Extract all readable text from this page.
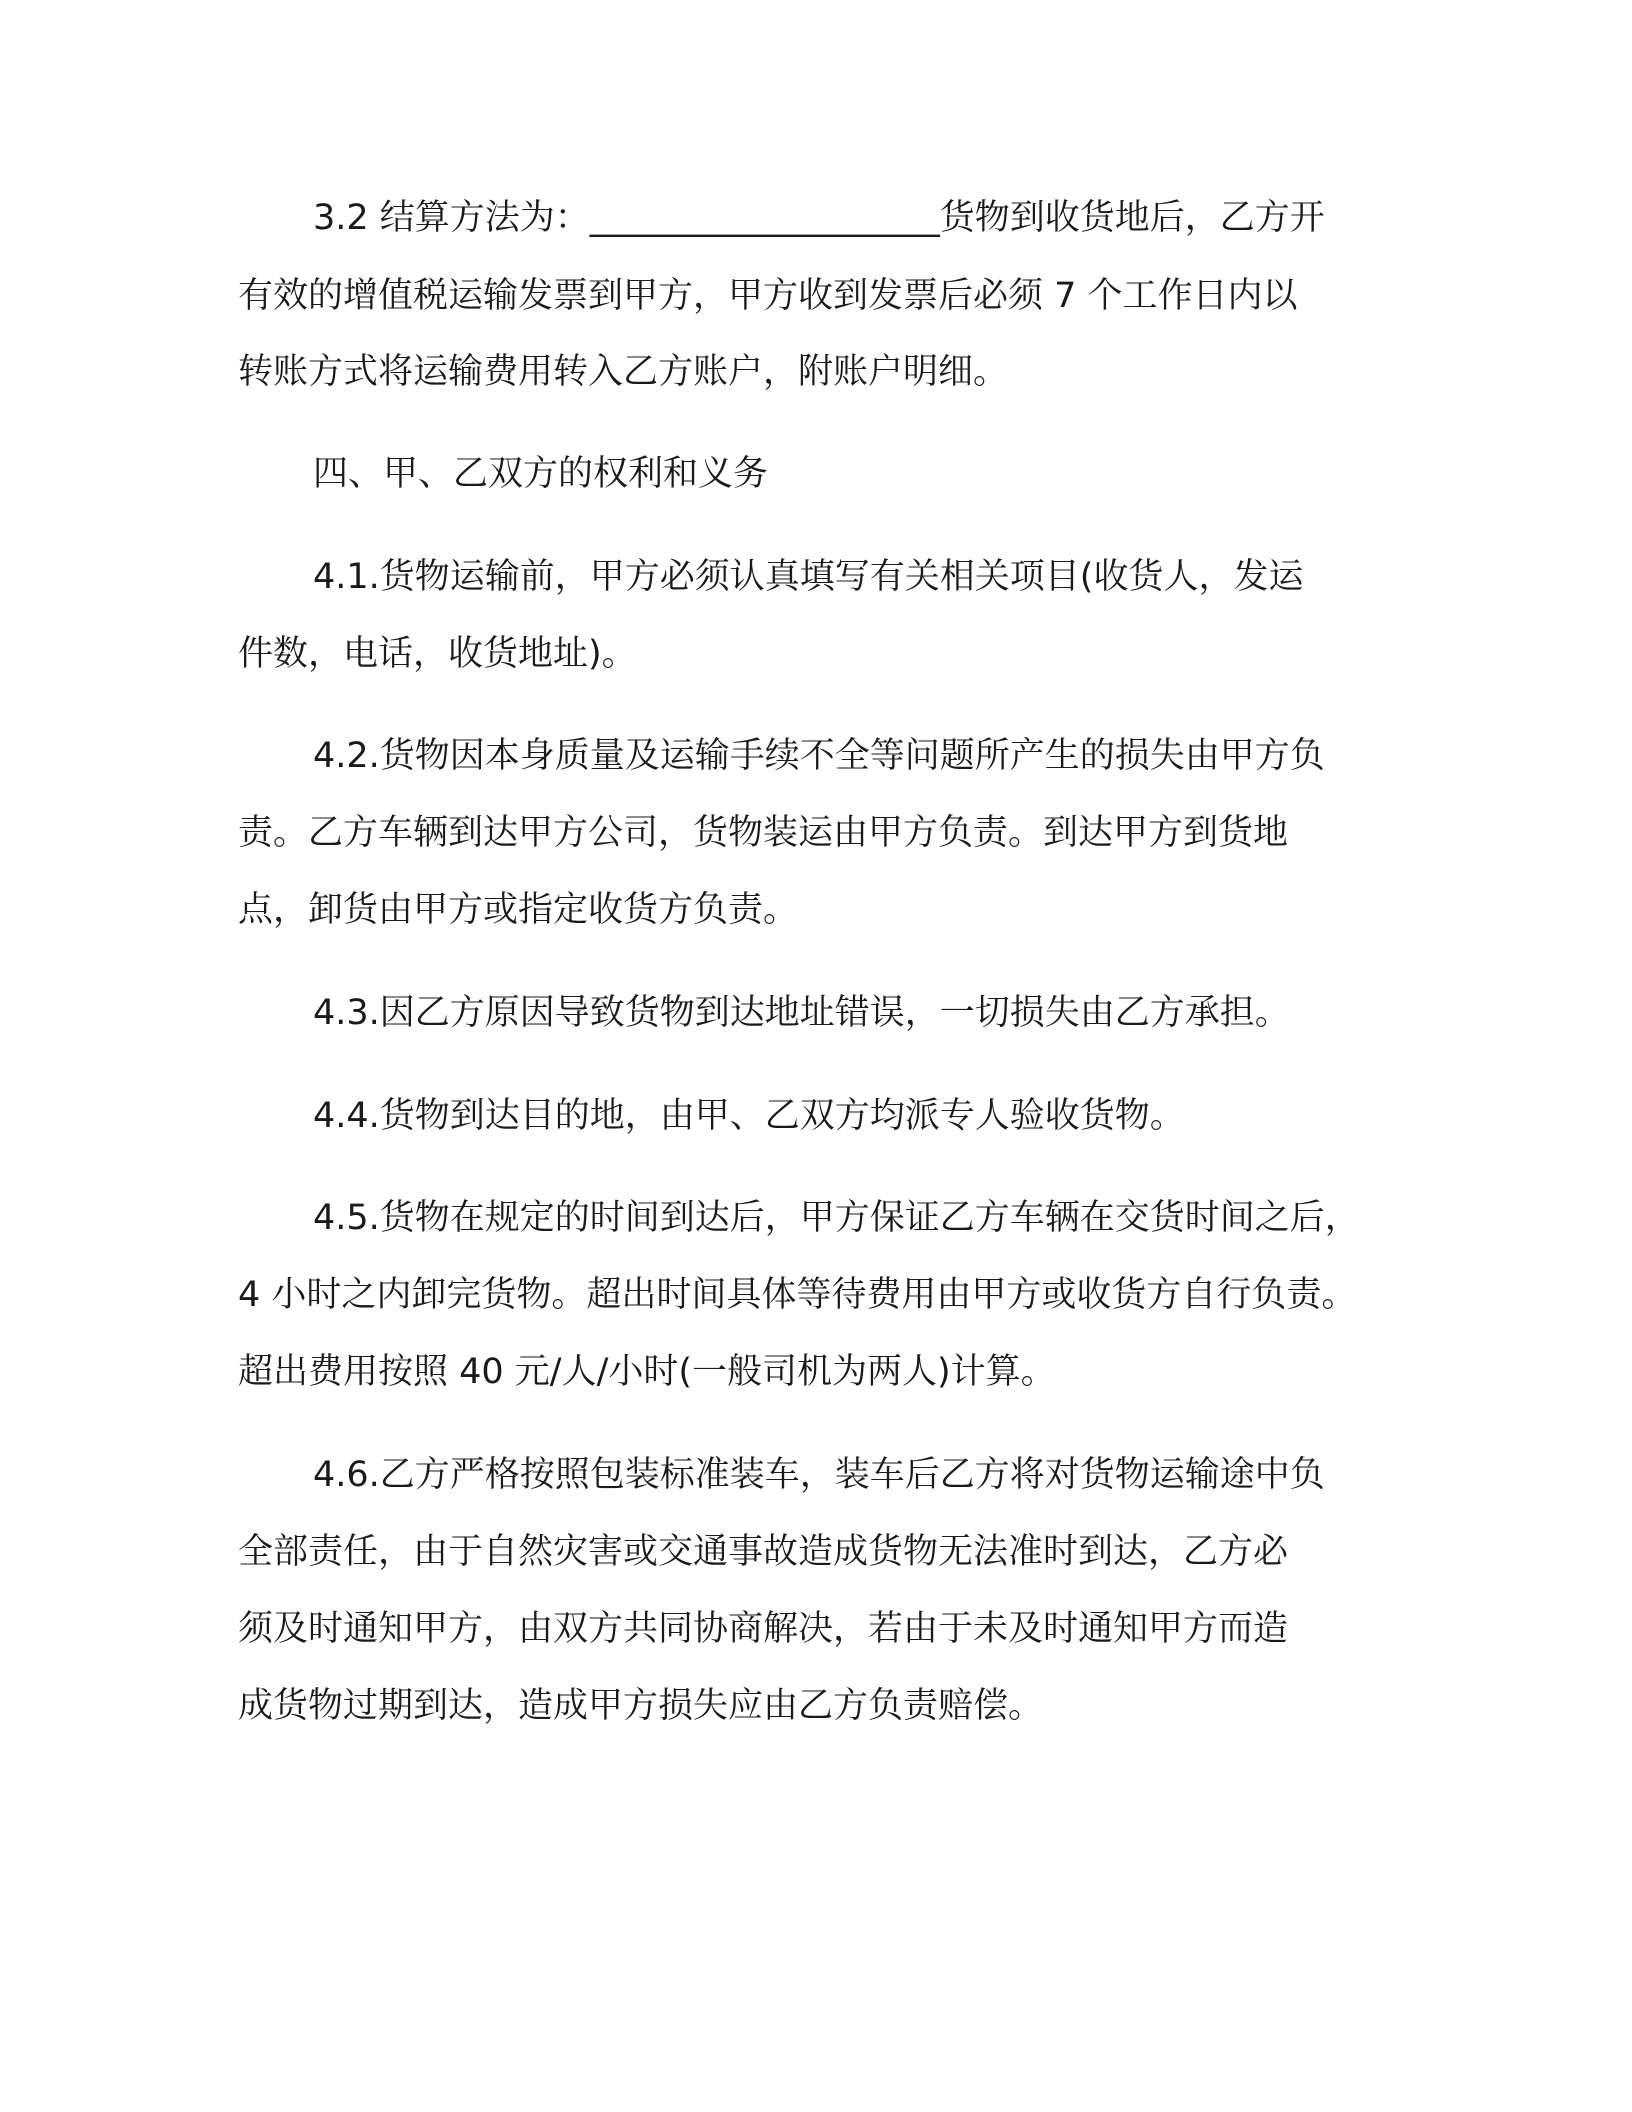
3.2 结算方法为：____________________货物到收货地后，乙方开
有效的增值税运输发票到甲方，甲方收到发票后必须 7 个工作日内以
转账方式将运输费用转入乙方账户，附账户明细。
四、甲、乙双方的权利和义务
4.1.货物运输前，甲方必须认真填写有关相关项目(收货人，发运
件数，电话，收货地址)。
4.2.货物因本身质量及运输手续不全等问题所产生的损失由甲方负
责。乙方车辆到达甲方公司，货物装运由甲方负责。到达甲方到货地
点，卸货由甲方或指定收货方负责。
4.3.因乙方原因导致货物到达地址错误，一切损失由乙方承担。
4.4.货物到达目的地，由甲、乙双方均派专人验收货物。
4.5.货物在规定的时间到达后，甲方保证乙方车辆在交货时间之后，
4 小时之内卸完货物。超出时间具体等待费用由甲方或收货方自行负责。
超出费用按照 40 元/人/小时(一般司机为两人)计算。
4.6.乙方严格按照包装标准装车，装车后乙方将对货物运输途中负
全部责任，由于自然灾害或交通事故造成货物无法准时到达，乙方必
须及时通知甲方，由双方共同协商解决，若由于未及时通知甲方而造
成货物过期到达，造成甲方损失应由乙方负责赔偿。
